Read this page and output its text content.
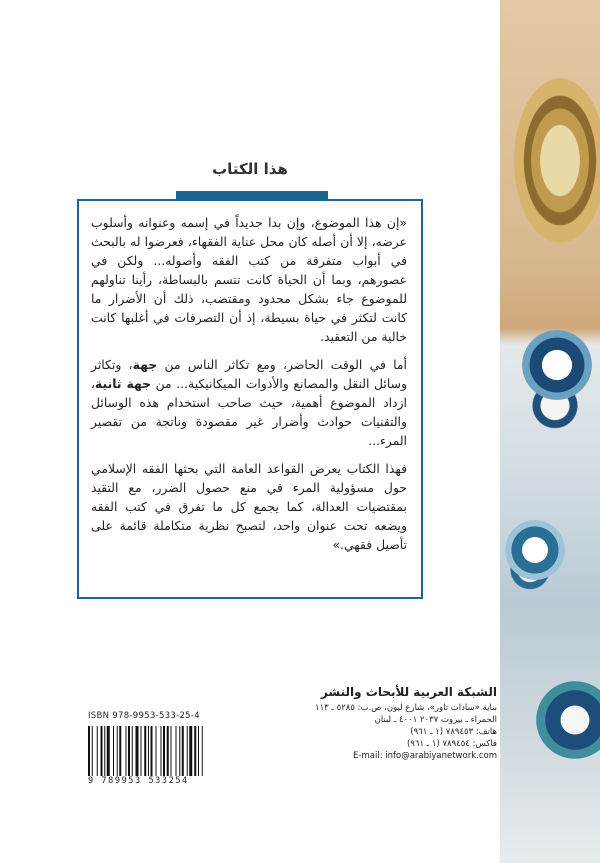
هذا الكتاب

«إن هذا الموضوع، وإن بدا جديداً في إسمه وعنوانه وأسلوب عرضه، إلا أن أصله كان محل عناية الفقهاء، فعرضوا له بالبحث في أبواب متفرقة من كتب الفقه وأصوله... ولكن في عصورهم، وبما أن الحياة كانت تتسم بالبساطة، رأينا تناولهم للموضوع جاء بشكل محدود ومقتضب، ذلك أن الأضرار ما كانت لتكثر في حياة بسيطة، إذ أن التصرفات في أغلبها كانت خالية من التعقيد.

أما في الوقت الحاضر، ومع تكاثر الناس من جهة، وتكاثر وسائل النقل والمصانع والأدوات الميكانيكية... من جهة ثانية، ازداد الموضوع أهمية، حيث صاحب استخدام هذه الوسائل والتقنيات حوادث وأضرار غير مقصودة وناتجة من تقصير المرء...

فهذا الكتاب يعرض القواعد العامة التي بحثها الفقه الإسلامي حول مسؤولية المرء في منع حصول الضرر، مع التقيد بمقتضيات العدالة، كما يجمع كل ما تفرق في كتب الفقه ويضعه تحت عنوان واحد، لتصبح نظرية متكاملة قائمة على تأصيل فقهي.»

الشبكة العربية للأبحاث والنشر
بناية «سادات تاور»، شارع ليون، ص.ب: ٥٢٨٥ ـ ١١٣
الحمراء ـ بيروت ٢٠٣٧ ٤٠٠١ ـ لبنان
هاتف: ٧٨٩٤٥٣ (١ ـ ٩٦١)
فاكس: ٧٨٩٤٥٤ (١ ـ ٩٦١)
E-mail: info@arabiyanetwork.com
ISBN 978-9953-533-25-4
9 789953 533254
